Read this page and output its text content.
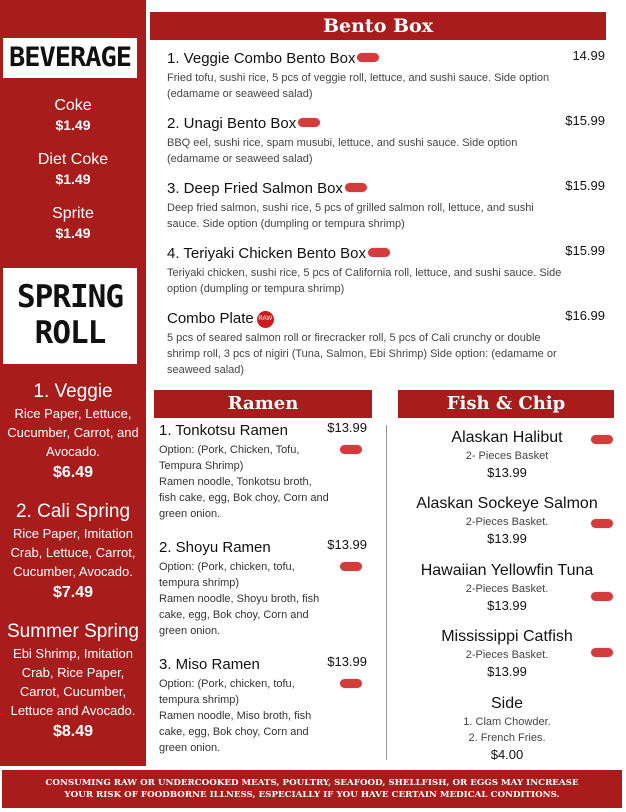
BEVERAGE
Coke
$1.49
Diet Coke
$1.49
Sprite
$1.49
SPRING
ROLL
1. Veggie
Rice Paper, Lettuce, Cucumber, Carrot, and Avocado.
$6.49
2. Cali Spring
Rice Paper, Imitation Crab, Lettuce, Carrot, Cucumber, Avocado.
$7.49
Summer Spring
Ebi Shrimp, Imitation Crab, Rice Paper, Carrot, Cucumber, Lettuce and Avocado.
$8.49
Bento Box
1. Veggie Combo Bento Box	14.99
Fried tofu, sushi rice, 5 pcs of veggie roll, lettuce, and sushi sauce. Side option (edamame or seaweed salad)
2. Unagi Bento Box	$15.99
BBQ eel, sushi rice, spam musubi, lettuce, and sushi sauce. Side option (edamame or seaweed salad)
3. Deep Fried Salmon Box	$15.99
Deep fried salmon, sushi rice, 5 pcs of grilled salmon roll, lettuce, and sushi sauce. Side option (dumpling or tempura shrimp)
4. Teriyaki Chicken Bento Box	$15.99
Teriyaki chicken, sushi rice, 5 pcs of California roll, lettuce, and sushi sauce. Side option (dumpling or tempura shrimp)
Combo Plate RAW	$16.99
5 pcs of seared salmon roll or firecracker roll, 5 pcs of Cali crunchy or double shrimp roll, 3 pcs of nigiri (Tuna, Salmon, Ebi Shrimp) Side option: (edamame or seaweed salad)
Ramen
1. Tonkotsu Ramen	$13.99
Option: (Pork, Chicken, Tofu, Tempura Shrimp)
Ramen noodle, Tonkotsu broth, fish cake, egg, Bok choy, Corn and green onion.
2. Shoyu Ramen	$13.99
Option: (Pork, chicken, tofu, tempura shrimp)
Ramen noodle, Shoyu broth, fish cake, egg, Bok choy, Corn and green onion.
3. Miso Ramen	$13.99
Option: (Pork, chicken, tofu, tempura shrimp)
Ramen noodle, Miso broth, fish cake, egg, Bok choy, Corn and green onion.
Fish & Chip
Alaskan Halibut
2- Pieces Basket
$13.99
Alaskan Sockeye Salmon
2-Pieces Basket.
$13.99
Hawaiian Yellowfin Tuna
2-Pieces Basket.
$13.99
Mississippi Catfish
2-Pieces Basket.
$13.99
Side
1. Clam Chowder.
2. French Fries.
$4.00
CONSUMING RAW OR UNDERCOOKED MEATS, POULTRY, SEAFOOD, SHELLFISH, OR EGGS MAY INCREASE
YOUR RISK OF FOODBORNE ILLNESS, ESPECIALLY IF YOU HAVE CERTAIN MEDICAL CONDITIONS.
